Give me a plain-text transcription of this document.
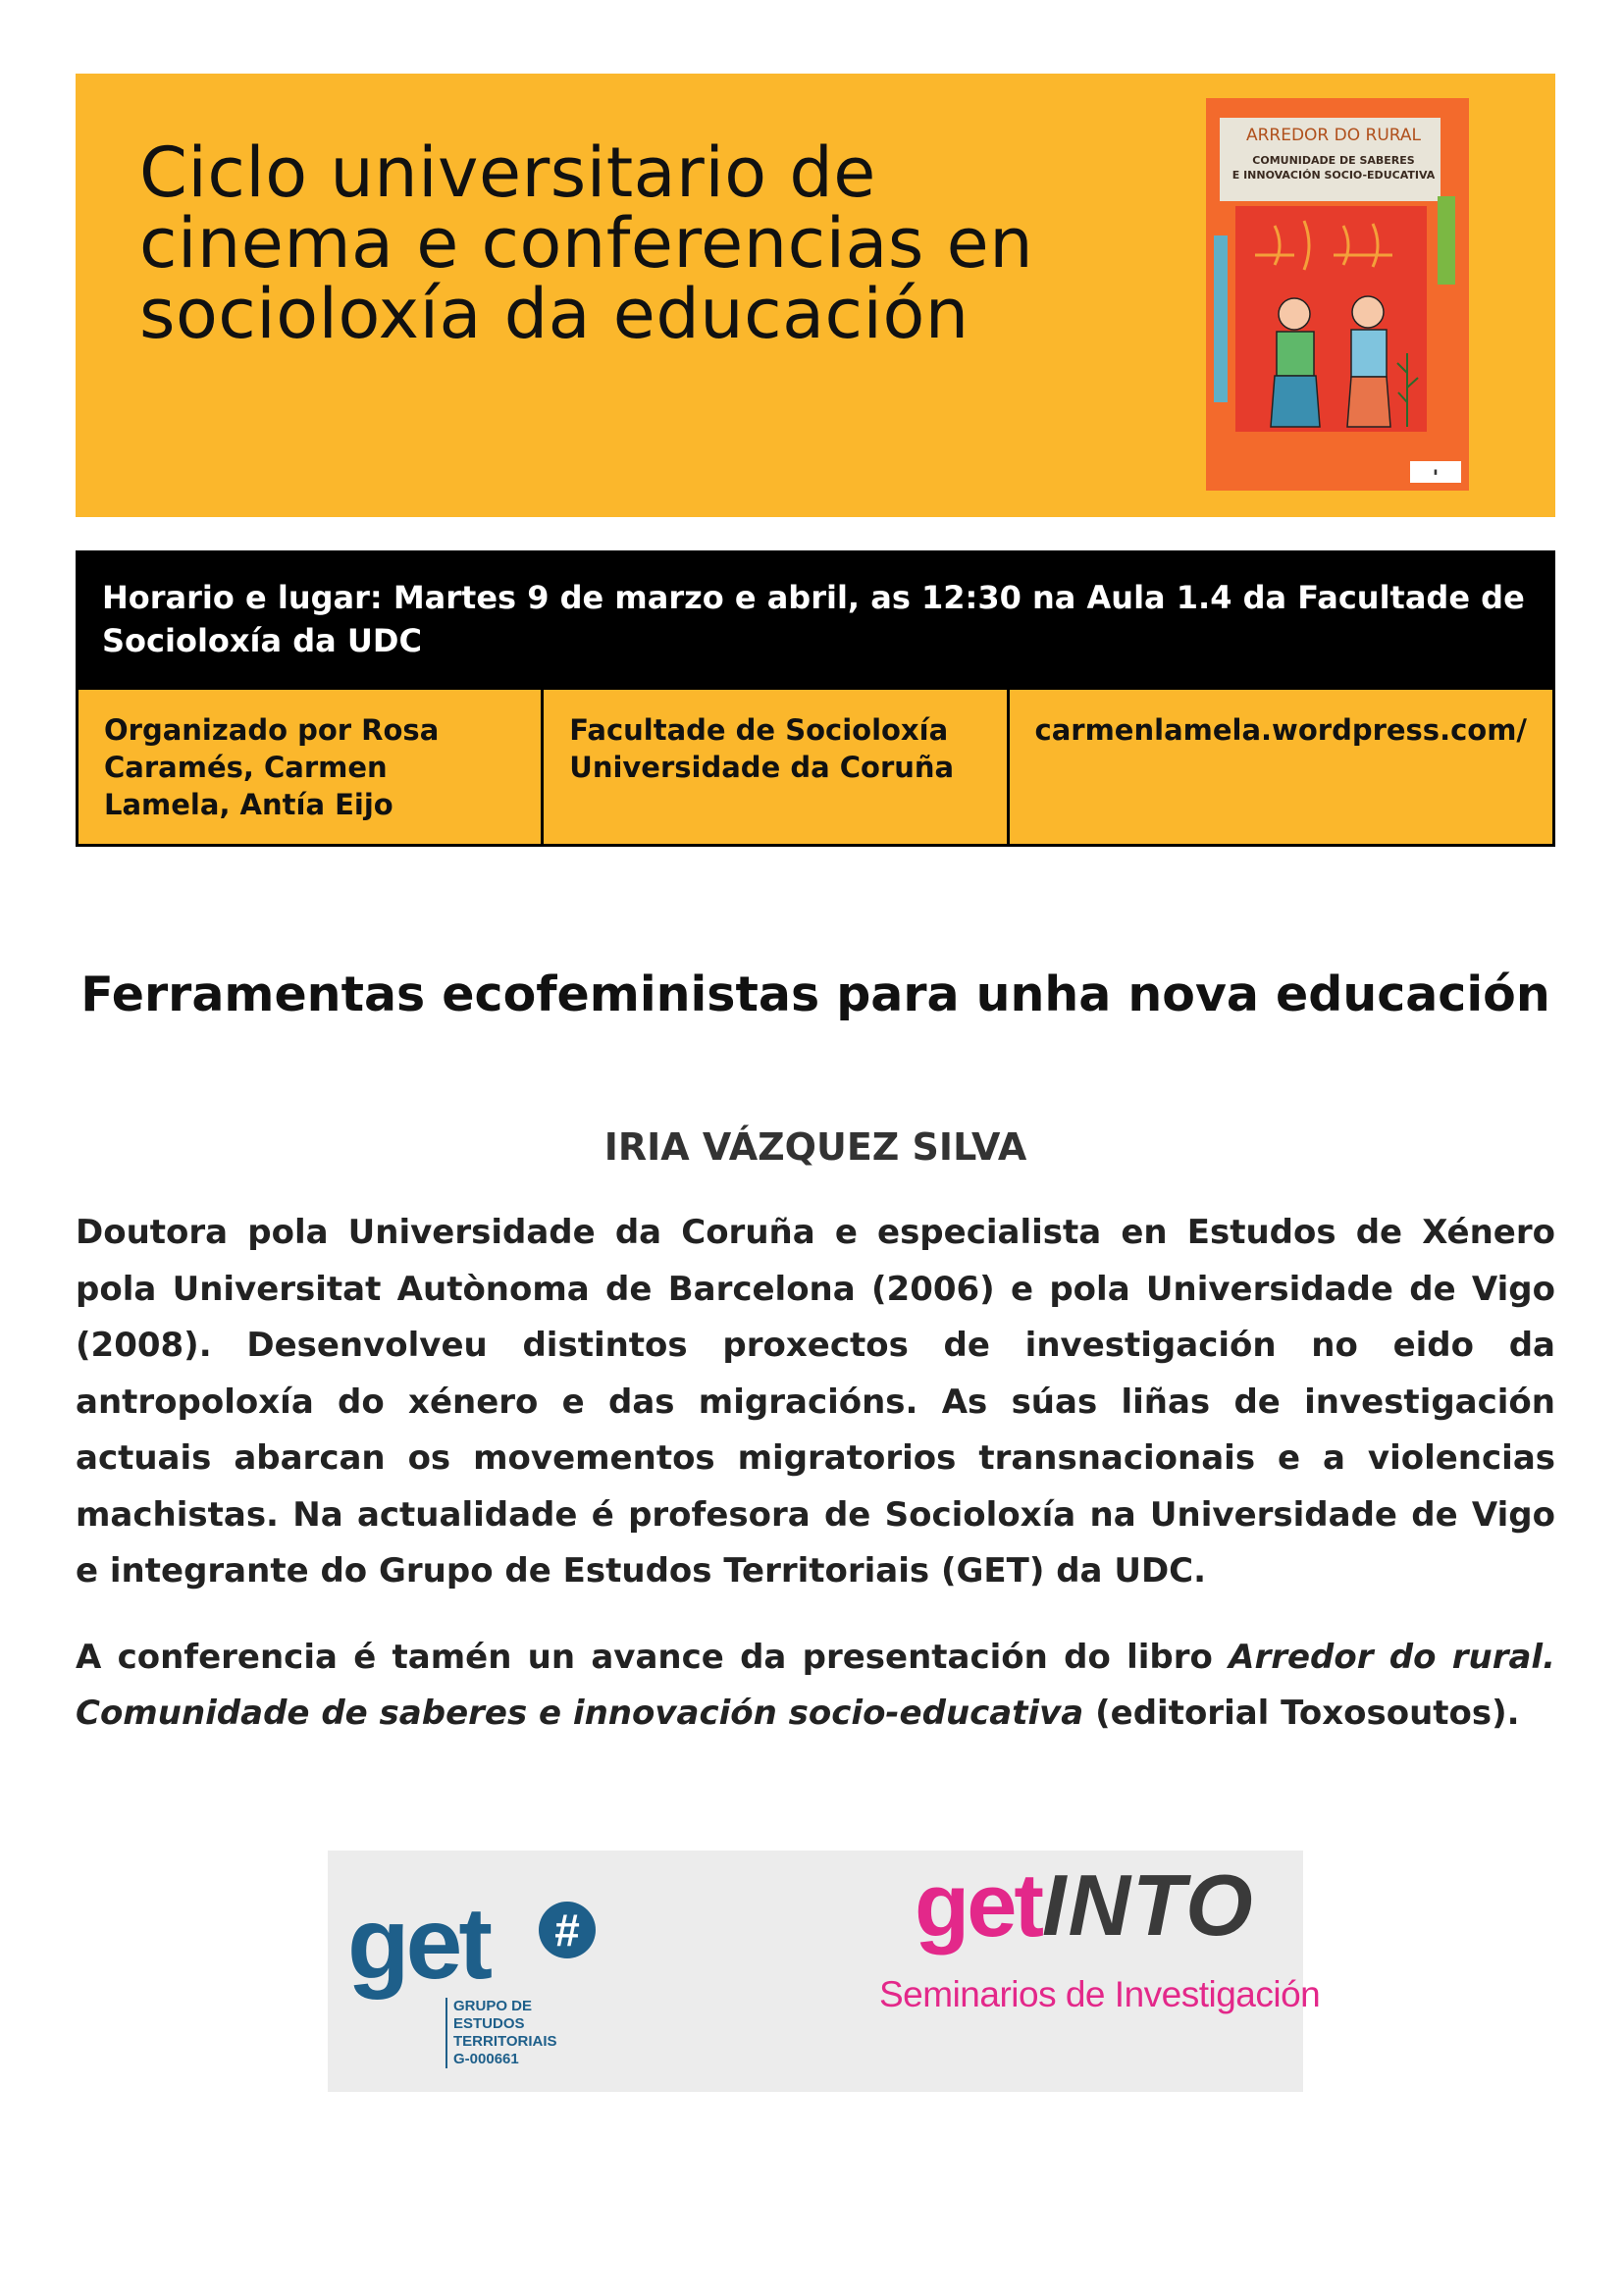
Ciclo universitario de
cinema e conferencias en
socioloxía da educación
ARREDOR DO RURAL
COMUNIDADE DE SABERES
E INNOVACIÓN SOCIO-EDUCATIVA
▮
Horario e lugar: Martes 9 de marzo e abril, as 12:30 na Aula 1.4 da Facultade de Socioloxía da UDC
Organizado por Rosa Caramés, Carmen Lamela, Antía Eijo
Facultade de Socioloxía Universidade da Coruña
carmenlamela.wordpress.com/
Ferramentas ecofeministas para unha nova educación
IRIA VÁZQUEZ SILVA

Doutora pola Universidade da Coruña e especialista en Estudos de Xénero pola Universitat Autònoma de Barcelona (2006) e pola Universidade de Vigo (2008). Desenvolveu distintos proxectos de investigación no eido da antropoloxía do xénero e das migracións. As súas liñas de investigación actuais abarcan os movementos migratorios transnacionais e a violencias machistas. Na actualidade é profesora de Socioloxía na Universidade de Vigo e integrante do Grupo de Estudos Territoriais (GET) da UDC.

A conferencia é tamén un avance da presentación do libro Arredor do rural. Comunidade de saberes e innovación socio-educativa (editorial Toxosoutos).

get	#
GRUPO DE ESTUDOS
TERRITORIAIS
G-000661
get INTO
Seminarios de Investigación
